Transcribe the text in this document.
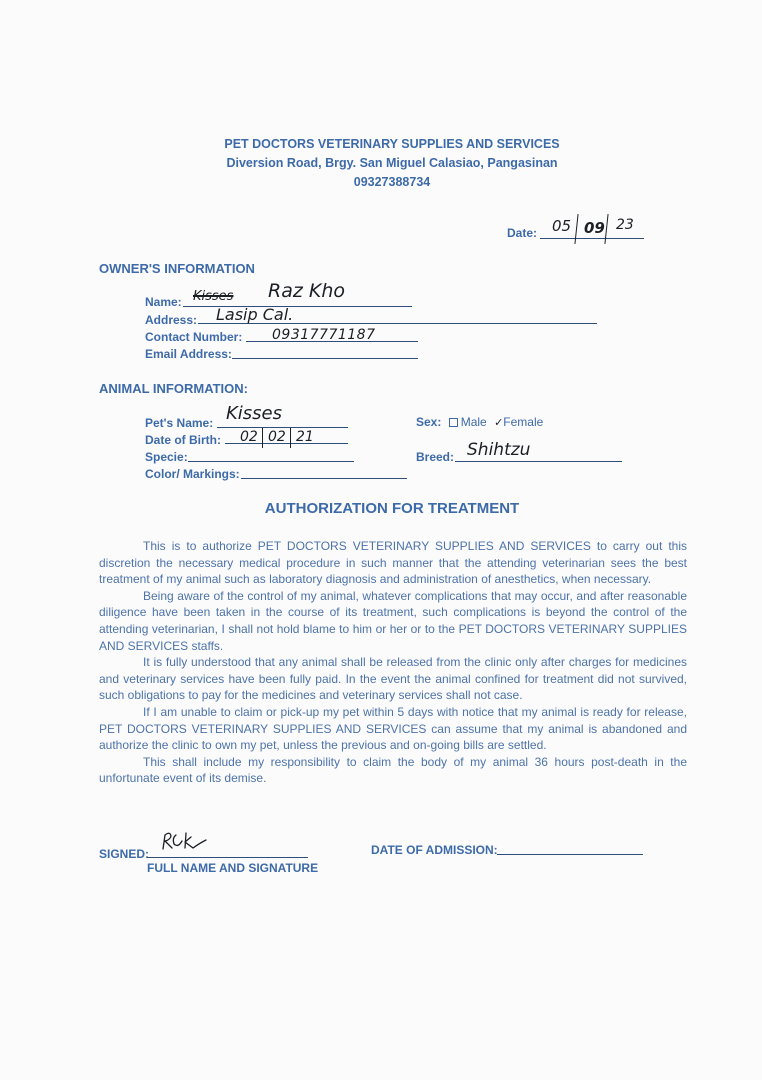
PET DOCTORS VETERINARY SUPPLIES AND SERVICES
Diversion Road, Brgy. San Miguel Calasiao, Pangasinan
09327388734
Date: 05 09 23
OWNER'S INFORMATION
Name: Kisses Raz Kho
Address: Lasip Cal.
Contact Number: 09317771187
Email Address:
ANIMAL INFORMATION:
Pet's Name: Kisses
Date of Birth: 02 02 21
Specie:
Color/ Markings:
Sex: Male ✓Female
Breed: Shihtzu
AUTHORIZATION FOR TREATMENT

This is to authorize PET DOCTORS VETERINARY SUPPLIES AND SERVICES to carry out this discretion the necessary medical procedure in such manner that the attending veterinarian sees the best treatment of my animal such as laboratory diagnosis and administration of anesthetics, when necessary.

Being aware of the control of my animal, whatever complications that may occur, and after reasonable diligence have been taken in the course of its treatment, such complications is beyond the control of the attending veterinarian, I shall not hold blame to him or her or to the PET DOCTORS VETERINARY SUPPLIES AND SERVICES staffs.

It is fully understood that any animal shall be released from the clinic only after charges for medicines and veterinary services have been fully paid. In the event the animal confined for treatment did not survived, such obligations to pay for the medicines and veterinary services shall not case.

If I am unable to claim or pick-up my pet within 5 days with notice that my animal is ready for release, PET DOCTORS VETERINARY SUPPLIES AND SERVICES can assume that my animal is abandoned and authorize the clinic to own my pet, unless the previous and on-going bills are settled.

This shall include my responsibility to claim the body of my animal 36 hours post-death in the unfortunate event of its demise.

SIGNED:
FULL NAME AND SIGNATURE
DATE OF ADMISSION:
